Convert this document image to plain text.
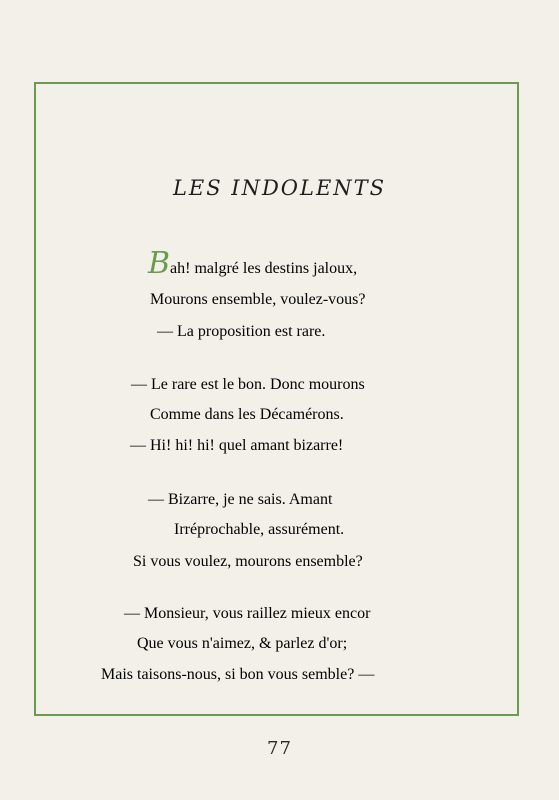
LES INDOLENTS
Bah! malgré les destins jaloux,
Mourons ensemble, voulez-vous?
— La proposition est rare.
— Le rare est le bon. Donc mourons
Comme dans les Décamérons.
— Hi! hi! hi! quel amant bizarre!
— Bizarre, je ne sais. Amant
Irréprochable, assurément.
Si vous voulez, mourons ensemble?
— Monsieur, vous raillez mieux encor
Que vous n'aimez, & parlez d'or;
Mais taisons-nous, si bon vous semble? —
77
